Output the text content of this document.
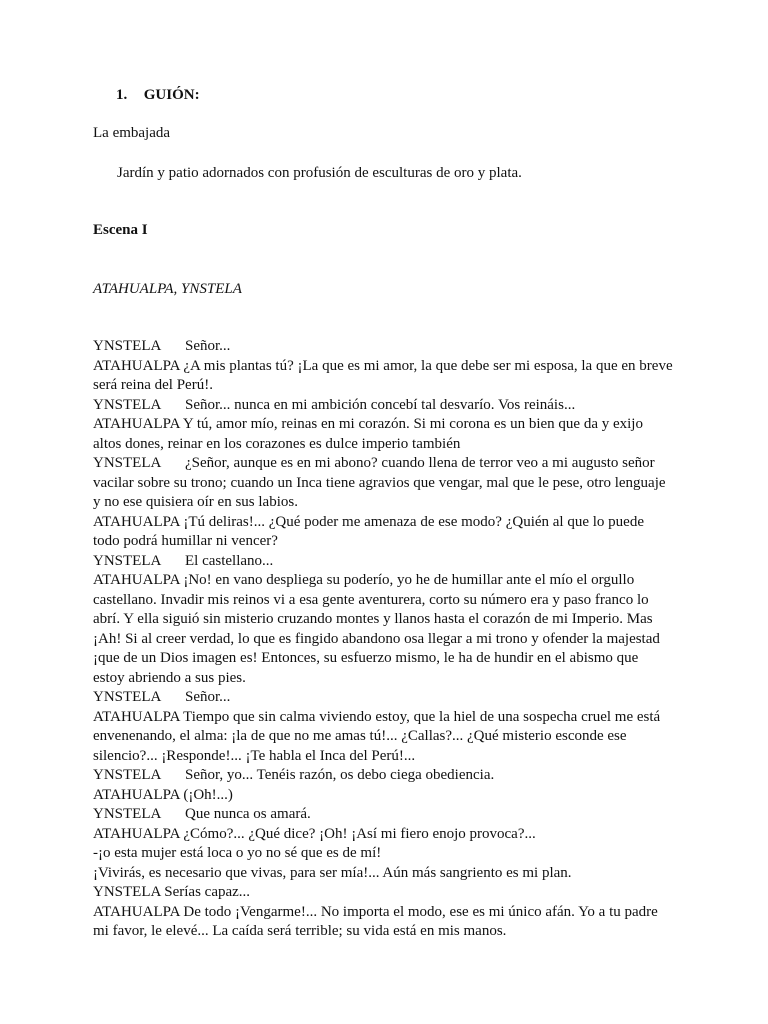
1. GUIÓN:
La embajada
Jardín y patio adornados con profusión de esculturas de oro y plata.
Escena I
ATAHUALPA, YNSTELA

YNSTELA Señor...

ATAHUALPA ¿A mis plantas tú? ¡La que es mi amor, la que debe ser mi esposa, la que en breve será reina del Perú!.

YNSTELA Señor... nunca en mi ambición concebí tal desvarío. Vos reináis...

ATAHUALPA Y tú, amor mío, reinas en mi corazón. Si mi corona es un bien que da y exijo altos dones, reinar en los corazones es dulce imperio también

YNSTELA ¿Señor, aunque es en mi abono? cuando llena de terror veo a mi augusto señor vacilar sobre su trono; cuando un Inca tiene agravios que vengar, mal que le pese, otro lenguaje y no ese quisiera oír en sus labios.

ATAHUALPA ¡Tú deliras!... ¿Qué poder me amenaza de ese modo? ¿Quién al que lo puede todo podrá humillar ni vencer?

YNSTELA El castellano...

ATAHUALPA ¡No! en vano despliega su poderío, yo he de humillar ante el mío el orgullo castellano. Invadir mis reinos vi a esa gente aventurera, corto su número era y paso franco lo abrí. Y ella siguió sin misterio cruzando montes y llanos hasta el corazón de mi Imperio. Mas ¡Ah! Si al creer verdad, lo que es fingido abandono osa llegar a mi trono y ofender la majestad ¡que de un Dios imagen es! Entonces, su esfuerzo mismo, le ha de hundir en el abismo que estoy abriendo a sus pies.

YNSTELA Señor...

ATAHUALPA Tiempo que sin calma viviendo estoy, que la hiel de una sospecha cruel me está envenenando, el alma: ¡la de que no me amas tú!... ¿Callas?... ¿Qué misterio esconde ese silencio?... ¡Responde!... ¡Te habla el Inca del Perú!...

YNSTELA Señor, yo... Tenéis razón, os debo ciega obediencia.

ATAHUALPA (¡Oh!...)

YNSTELA Que nunca os amará.

ATAHUALPA ¿Cómo?... ¿Qué dice? ¡Oh! ¡Así mi fiero enojo provoca?...

-¡o esta mujer está loca o yo no sé que es de mí!

¡Vivirás, es necesario que vivas, para ser mía!... Aún más sangriento es mi plan.

YNSTELA Serías capaz...

ATAHUALPA De todo ¡Vengarme!... No importa el modo, ese es mi único afán. Yo a tu padre mi favor, le elevé... La caída será terrible; su vida está en mis manos.
